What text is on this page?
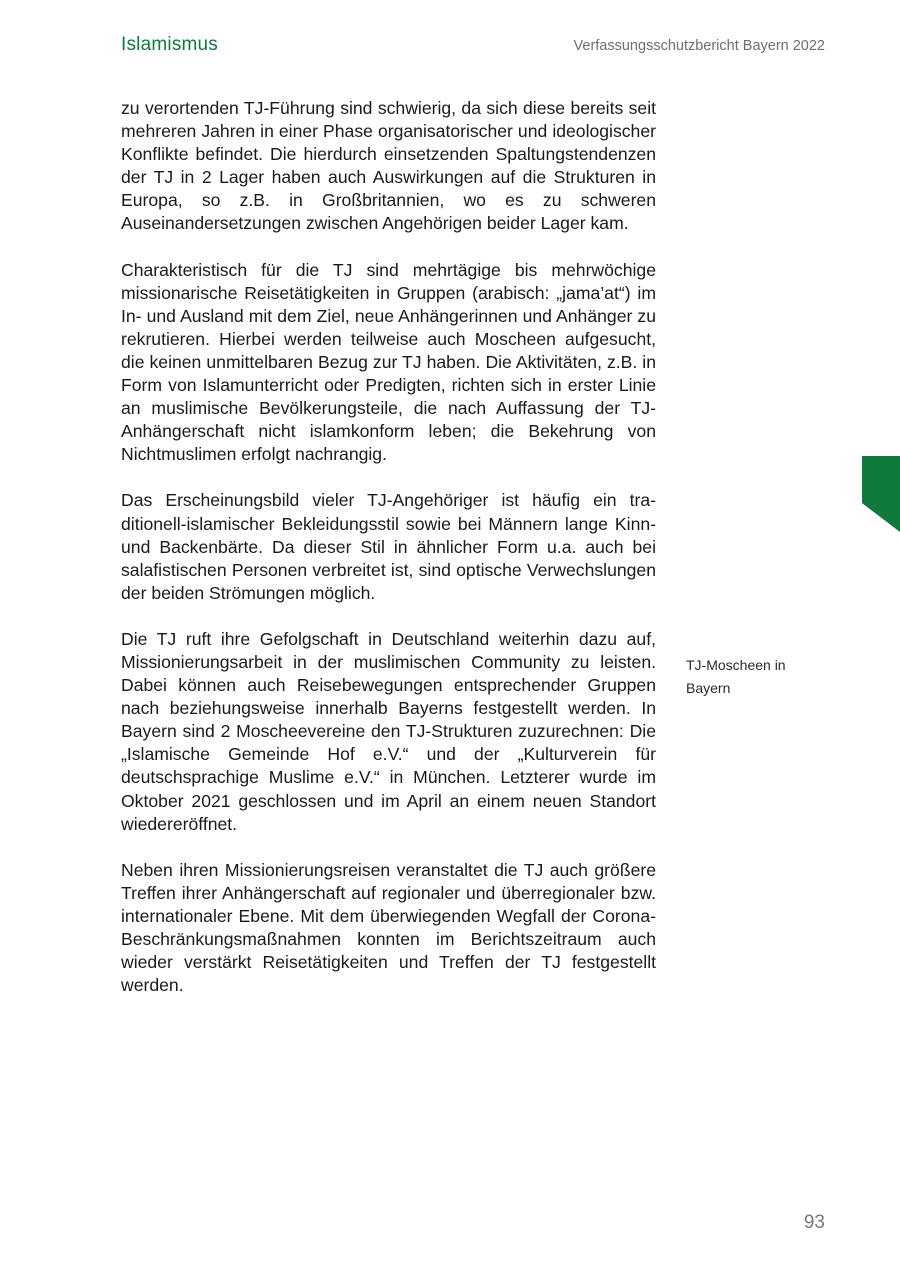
Islamismus	Verfassungsschutzbericht Bayern 2022

zu verortenden TJ-Führung sind schwierig, da sich diese bereits seit mehreren Jahren in einer Phase organisatorischer und ideologischer Konflikte befindet. Die hierdurch einsetzenden Spaltungstendenzen der TJ in 2 Lager haben auch Auswirkungen auf die Strukturen in Europa, so z.B. in Großbritannien, wo es zu schweren Auseinandersetzungen zwischen Angehörigen beider Lager kam.

Charakteristisch für die TJ sind mehrtägige bis mehrwöchige missionarische Reisetätigkeiten in Gruppen (arabisch: „jama’at“) im In- und Ausland mit dem Ziel, neue Anhängerinnen und Anhänger zu rekrutieren. Hierbei werden teilweise auch Moscheen aufgesucht, die keinen unmittelbaren Bezug zur TJ haben. Die Aktivitäten, z.B. in Form von Islamunterricht oder Predigten, richten sich in erster Linie an muslimische Bevölkerungsteile, die nach Auffassung der TJ-Anhängerschaft nicht islamkonform leben; die Bekehrung von Nichtmuslimen erfolgt nachrangig.

Das Erscheinungsbild vieler TJ-Angehöriger ist häufig ein traditionell-islamischer Bekleidungsstil sowie bei Männern lange Kinn- und Backenbärte. Da dieser Stil in ähnlicher Form u.a. auch bei salafistischen Personen verbreitet ist, sind optische Verwechslungen der beiden Strömungen möglich.

Die TJ ruft ihre Gefolgschaft in Deutschland weiterhin dazu auf, Missionierungsarbeit in der muslimischen Community zu leisten. Dabei können auch Reisebewegungen entsprechender Gruppen nach beziehungsweise innerhalb Bayerns festgestellt werden. In Bayern sind 2 Moscheevereine den TJ-Strukturen zuzurechnen: Die „Islamische Gemeinde Hof e.V.“ und der „Kulturverein für deutschsprachige Muslime e.V.“ in München. Letzterer wurde im Oktober 2021 geschlossen und im April an einem neuen Standort wiedereröffnet.

Neben ihren Missionierungsreisen veranstaltet die TJ auch größere Treffen ihrer Anhängerschaft auf regionaler und überregionaler bzw. internationaler Ebene. Mit dem überwiegenden Wegfall der Corona-Beschränkungsmaßnahmen konnten im Berichtszeitraum auch wieder verstärkt Reisetätigkeiten und Treffen der TJ festgestellt werden.

TJ-Moscheen in
Bayern
93
